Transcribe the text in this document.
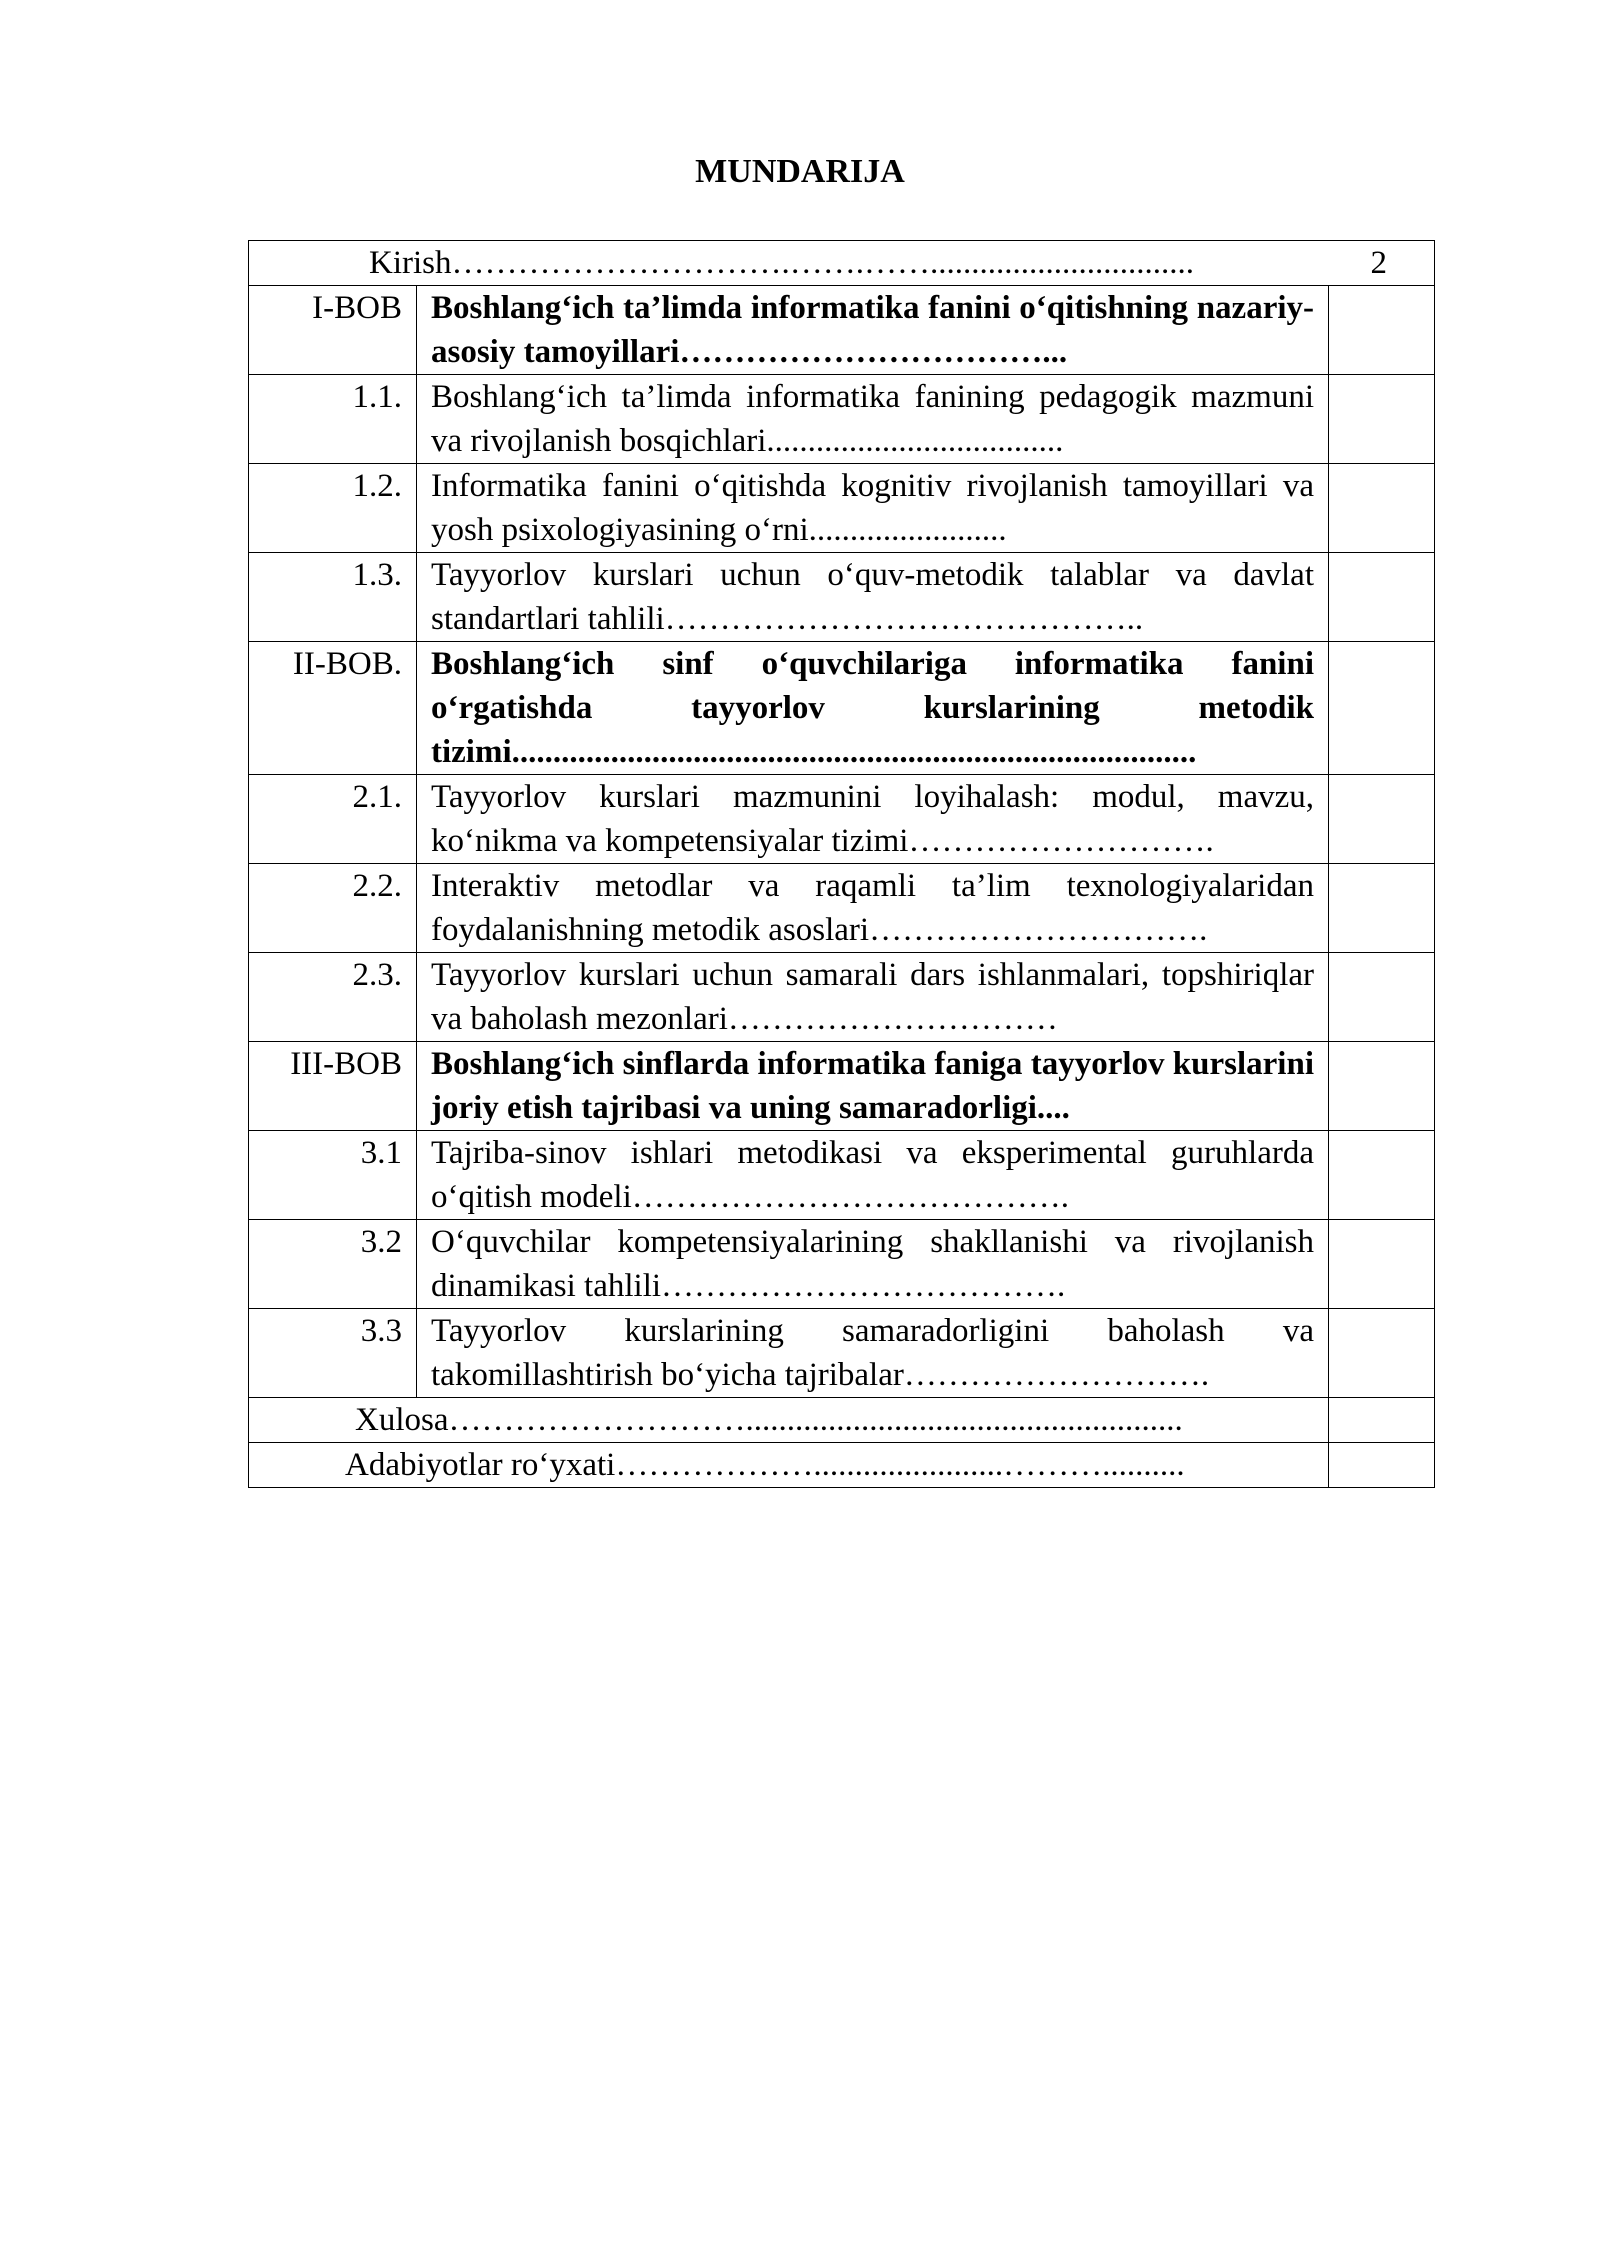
MUNDARIJA
Kirish………………………….…….……................................ 2		

I-BOB	Boshlang‘ich ta’limda informatika fanini o‘qitishning nazariy-asosiy tamoyillari……………………………...	
1.1.	Boshlang‘ich ta’limda informatika fanining pedagogik mazmuni va rivojlanish bosqichlari....................................	
1.2.	Informatika fanini o‘qitishda kognitiv rivojlanish tamoyillari va yosh psixologiyasining o‘rni........................	
1.3.	Tayyorlov kurslari uchun o‘quv-metodik talablar va davlat standartlari tahlili……………………………………..	
II-BOB.	Boshlang‘ich sinf o‘quvchilariga informatika fanini o‘rgatishda tayyorlov kurslarining metodik tizimi...................................................................................	
2.1.	Tayyorlov kurslari mazmunini loyihalash: modul, mavzu, ko‘nikma va kompetensiyalar tizimi……………………….	
2.2.	Interaktiv metodlar va raqamli ta’lim texnologiyalaridan foydalanishning metodik asoslari………………………….	
2.3.	Tayyorlov kurslari uchun samarali dars ishlanmalari, topshiriqlar va baholash mezonlari…………………………	
III-BOB	Boshlang‘ich sinflarda informatika faniga tayyorlov kurslarini joriy etish tajribasi va uning samaradorligi....	
3.1	Tajriba-sinov ishlari metodikasi va eksperimental guruhlarda o‘qitish modeli………………………………….	
3.2	O‘quvchilar kompetensiyalarining shakllanishi va rivojlanish dinamikasi tahlili……………………………….	
3.3	Tayyorlov kurslarining samaradorligini baholash va takomillashtirish bo‘yicha tajribalar……………………….	
Xulosa……………………….....................................................		
Adabiyotlar ro‘yxati……………….......................………..........		
